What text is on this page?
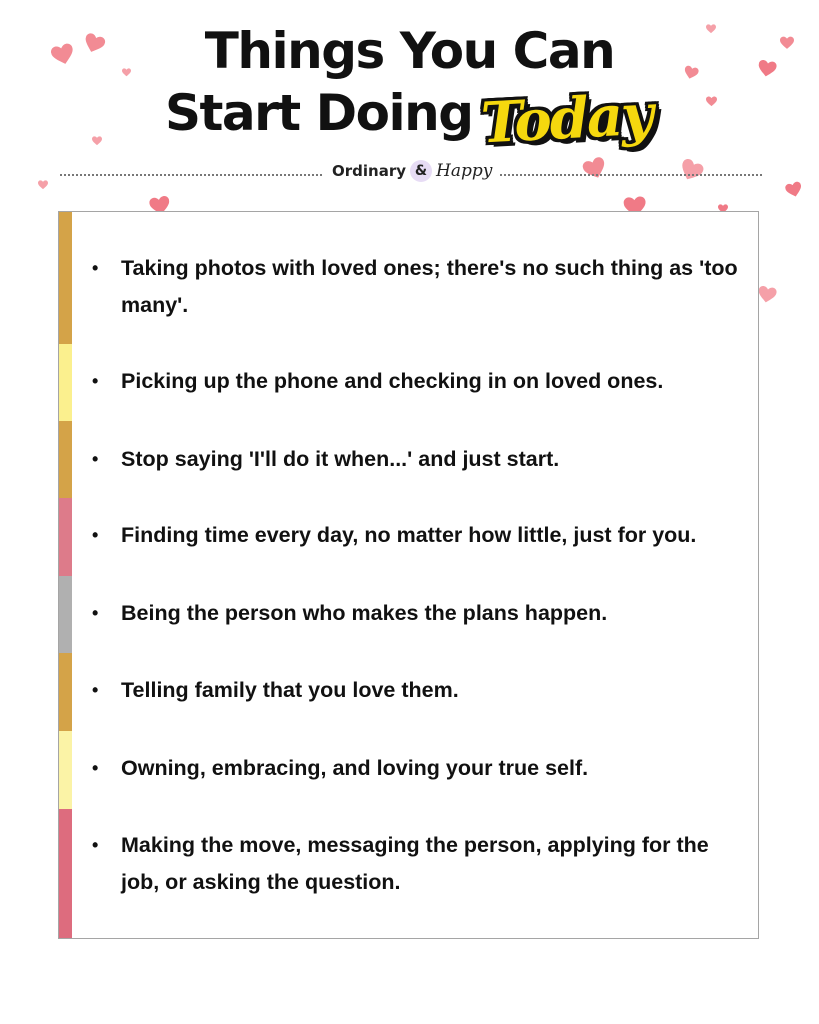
Things You Can
Start Doing Today
Ordinary & Happy
•	Taking photos with loved ones; there's no such thing as 'too many'.
•	Picking up the phone and checking in on loved ones.
•	Stop saying 'I'll do it when...' and just start.
•	Finding time every day, no matter how little, just for you.
•	Being the person who makes the plans happen.
•	Telling family that you love them.
•	Owning, embracing, and loving your true self.
•	Making the move, messaging the person, applying for the job, or asking the question.
